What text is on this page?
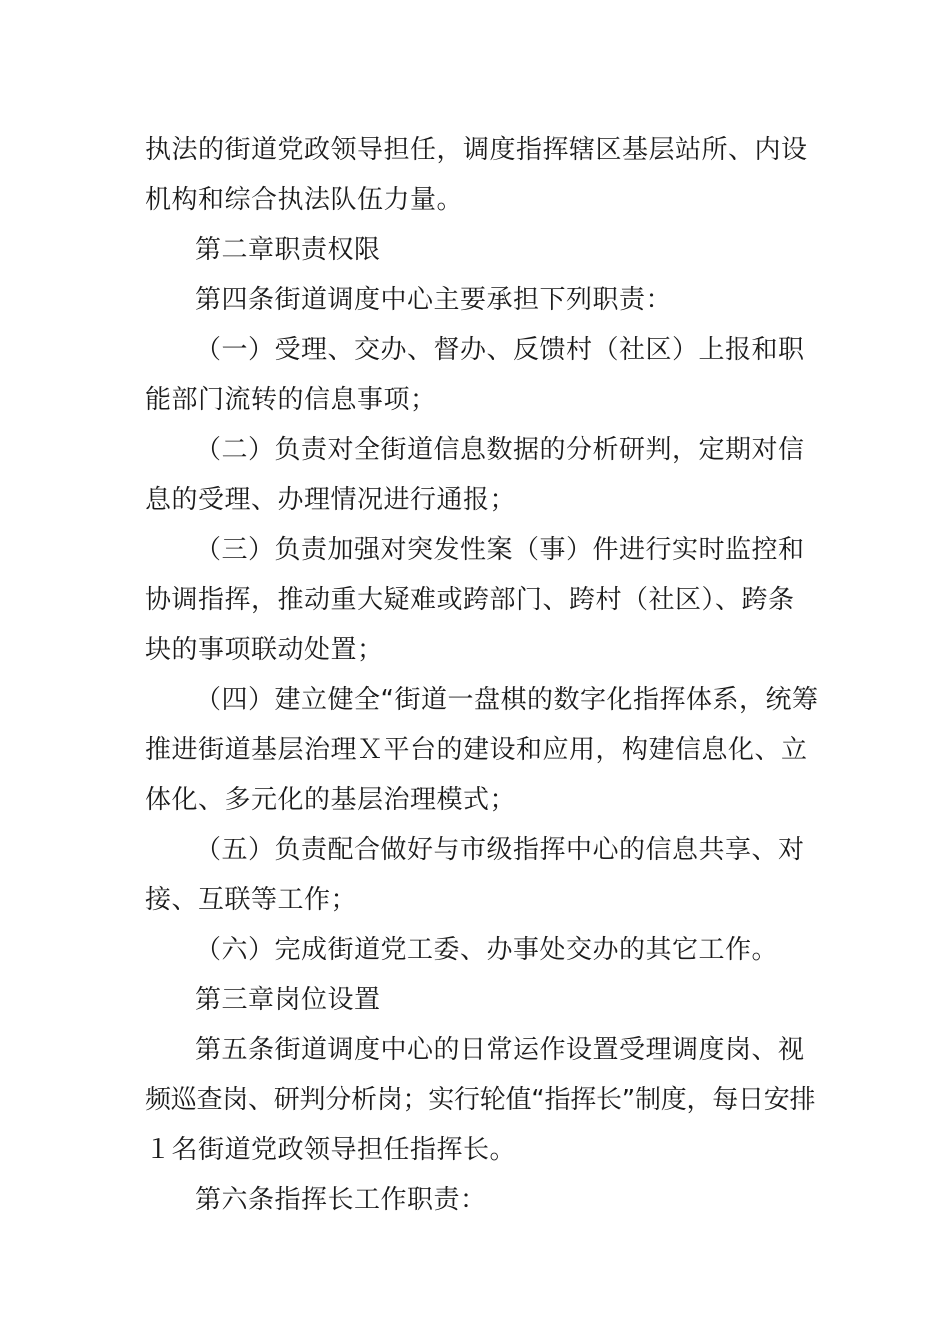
执法的街道党政领导担任，调度指挥辖区基层站所、内设
机构和综合执法队伍力量。
第二章职责权限
第四条街道调度中心主要承担下列职责：
（一）受理、交办、督办、反馈村（社区）上报和职
能部门流转的信息事项；
（二）负责对全街道信息数据的分析研判，定期对信
息的受理、办理情况进行通报；
（三）负责加强对突发性案（事）件进行实时监控和
协调指挥，推动重大疑难或跨部门、跨村（社区）、跨条
块的事项联动处置；
（四）建立健全“街道一盘棋的数字化指挥体系，统筹
推进街道基层治理Ｘ平台的建设和应用，构建信息化、立
体化、多元化的基层治理模式；
（五）负责配合做好与市级指挥中心的信息共享、对
接、互联等工作；
（六）完成街道党工委、办事处交办的其它工作。
第三章岗位设置
第五条街道调度中心的日常运作设置受理调度岗、视
频巡查岗、研判分析岗；实行轮值“指挥长”制度，每日安排
１名街道党政领导担任指挥长。
第六条指挥长工作职责：
